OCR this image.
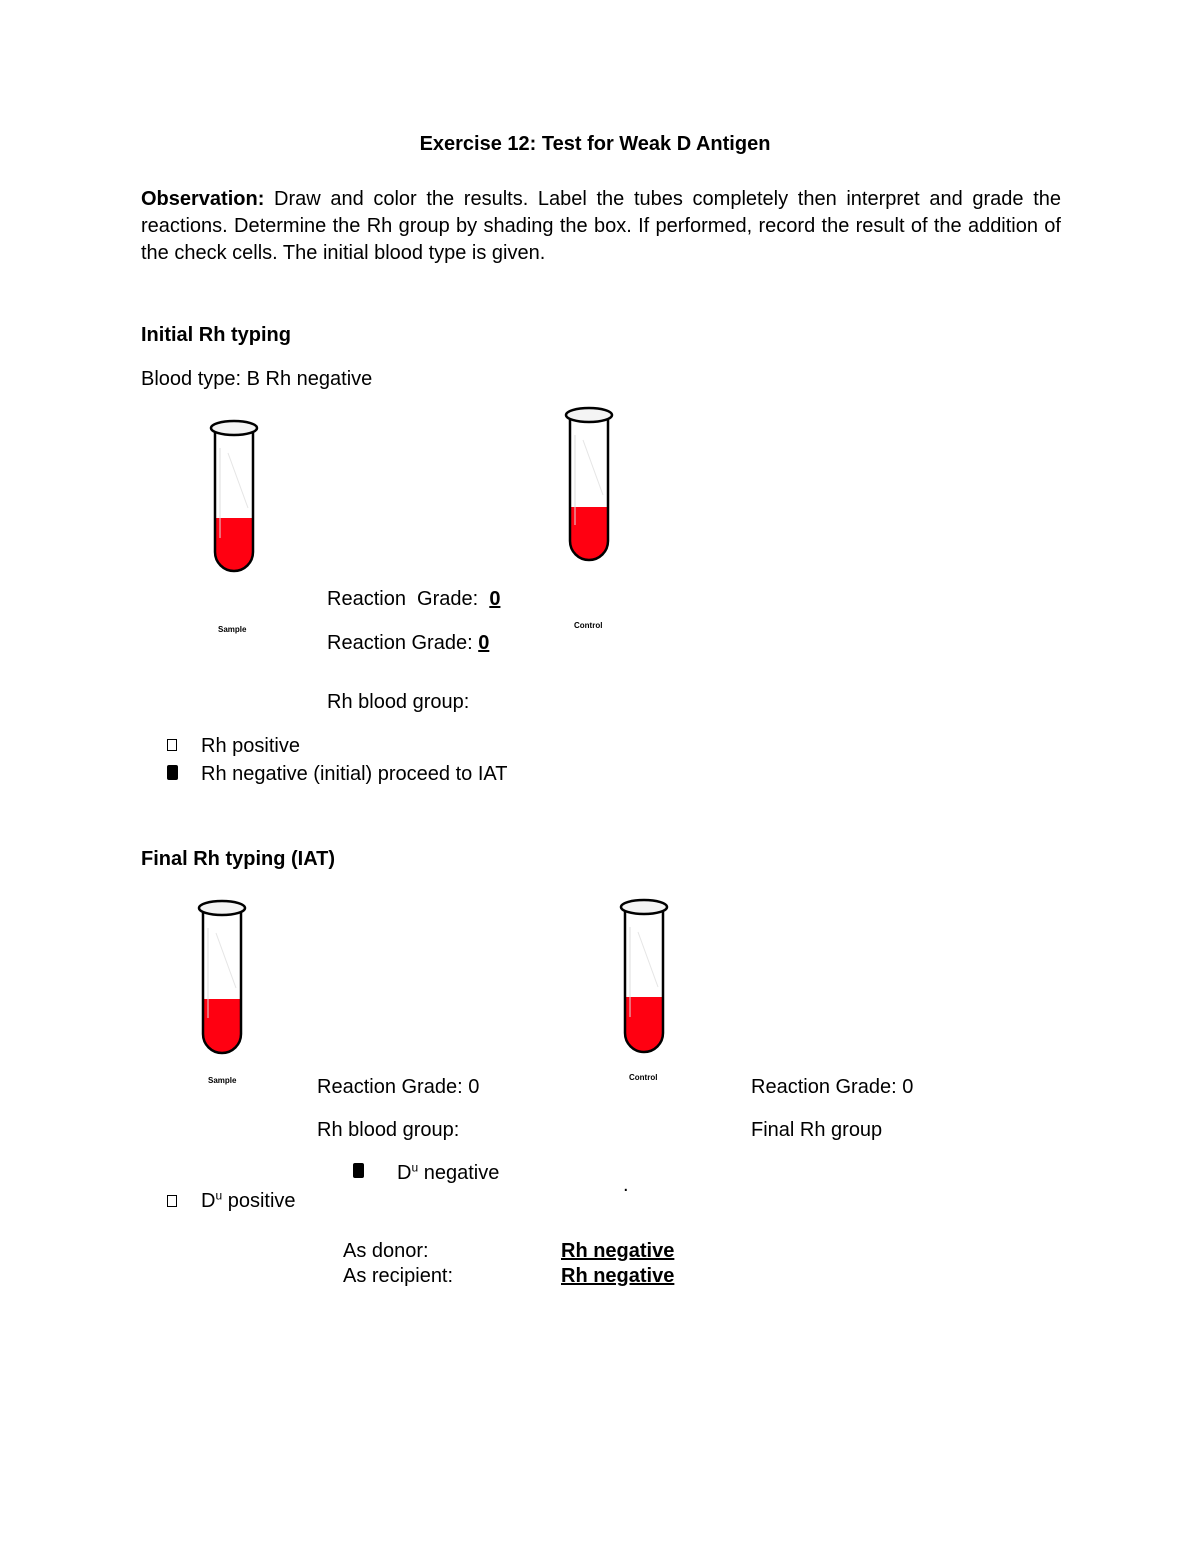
Exercise 12: Test for Weak D Antigen
Observation: Draw and color the results. Label the tubes completely then interpret and grade the reactions. Determine the Rh group by shading the box. If performed, record the result of the addition of the check cells. The initial blood type is given.
Initial Rh typing
Blood type: B Rh negative
Sample	Control
Reaction  Grade:  0
Reaction Grade: 0
Rh blood group:
Rh positive
Rh negative (initial) proceed to IAT
Final Rh typing (IAT)
Sample	Control
Reaction Grade: 0	Reaction Grade: 0
Rh blood group:	Final Rh group
$D^u$ negative
.
$D^u$ positive
As donor:	Rh negative
As recipient:	Rh negative
